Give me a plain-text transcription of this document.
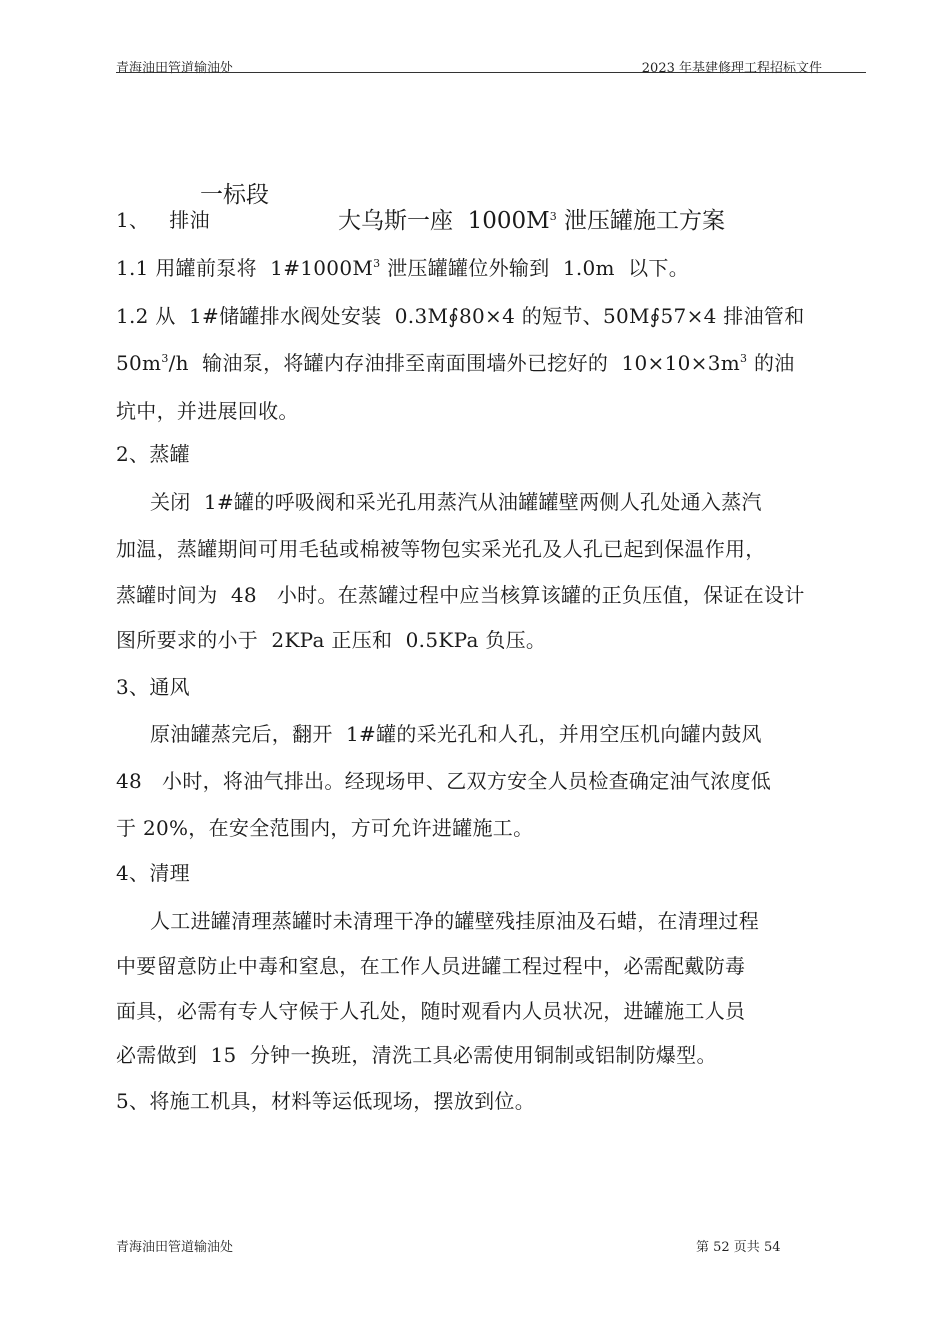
青海油田管道输油处	2023 年基建修理工程招标文件

一标段

大乌斯一座  $1000M^3$ 泄压罐施工方案

1、   排油
1.1 用罐前泵将  $1\#1000M^3$ 泄压罐罐位外输到  1.0m  以下。
1.2 从  1#储罐排水阀处安装  0.3M∮80×4 的短节、50M∮57×4 排油管和
$50m^3/h$  输油泵，将罐内存油排至南面围墙外已挖好的  $10\times 10\times 3m^3$ 的油
坑中，并进展回收。
2、蒸罐
关闭  1#罐的呼吸阀和采光孔用蒸汽从油罐罐壁两侧人孔处通入蒸汽
加温，蒸罐期间可用毛毡或棉被等物包实采光孔及人孔已起到保温作用，
蒸罐时间为  48   小时。在蒸罐过程中应当核算该罐的正负压值，保证在设计
图所要求的小于  2KPa 正压和  0.5KPa 负压。
3、通风
原油罐蒸完后，翻开  1#罐的采光孔和人孔，并用空压机向罐内鼓风
48   小时，将油气排出。经现场甲、乙双方安全人员检查确定油气浓度低
于 20%，在安全范围内，方可允许进罐施工。
4、清理
人工进罐清理蒸罐时未清理干净的罐壁残挂原油及石蜡，在清理过程
中要留意防止中毒和窒息，在工作人员进罐工程过程中，必需配戴防毒
面具，必需有专人守候于人孔处，随时观看内人员状况，进罐施工人员
必需做到  15  分钟一换班，清洗工具必需使用铜制或铝制防爆型。
5、将施工机具，材料等运低现场，摆放到位。
青海油田管道输油处	第 52 页共 54
